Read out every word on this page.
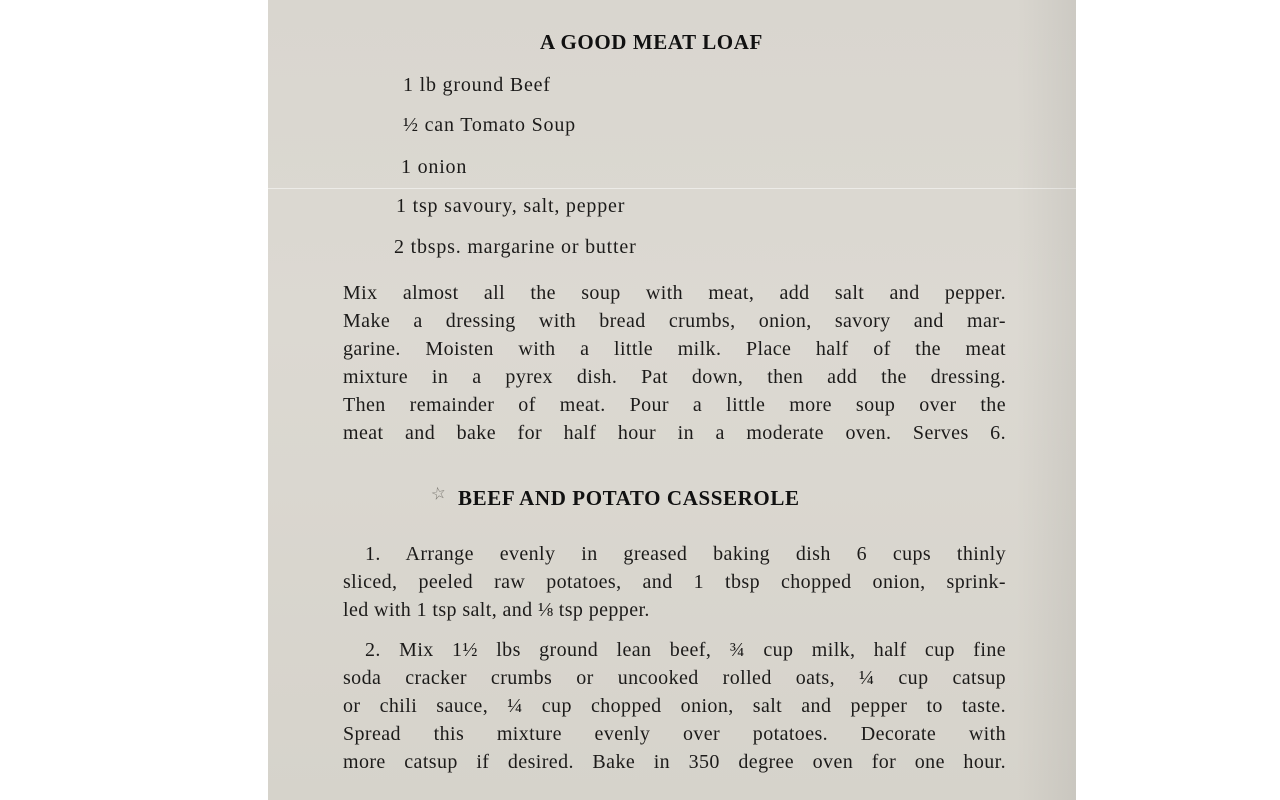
A GOOD MEAT LOAF
1 lb ground Beef
½ can Tomato Soup
1 onion
1 tsp savoury, salt, pepper
2 tbsps. margarine or butter

Mix almost all the soup with meat, add salt and pepper.
Make a dressing with bread crumbs, onion, savory and mar-
garine. Moisten with a little milk. Place half of the meat
mixture in a pyrex dish. Pat down, then add the dressing.
Then remainder of meat. Pour a little more soup over the
meat and bake for half hour in a moderate oven. Serves 6.

☆ BEEF AND POTATO CASSEROLE

1. Arrange evenly in greased baking dish 6 cups thinly
sliced, peeled raw potatoes, and 1 tbsp chopped onion, sprink-
led with 1 tsp salt, and ⅛ tsp pepper.

2. Mix 1½ lbs ground lean beef, ¾ cup milk, half cup fine
soda cracker crumbs or uncooked rolled oats, ¼ cup catsup
or chili sauce, ¼ cup chopped onion, salt and pepper to taste.
Spread this mixture evenly over potatoes. Decorate with
more catsup if desired. Bake in 350 degree oven for one hour.
